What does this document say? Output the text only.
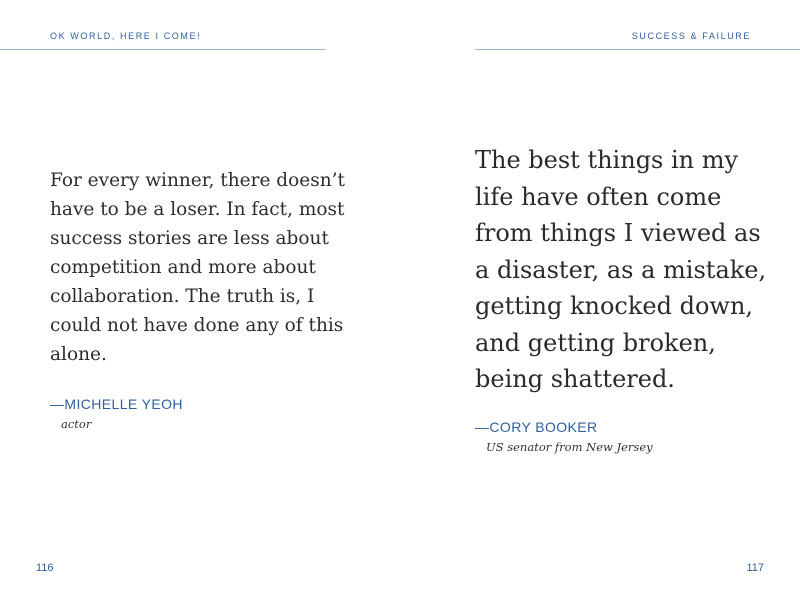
OK WORLD, HERE I COME!

For every winner, there doesn’t have to be a loser. In fact, most success stories are less about competition and more about collaboration. The truth is, I could not have done any of this alone.

—MICHELLE YEOH
actor
116
SUCCESS & FAILURE

The best things in my life have often come from things I viewed as a disaster, as a mistake, getting knocked down, and getting broken, being shattered.

—CORY BOOKER
US senator from New Jersey
117
